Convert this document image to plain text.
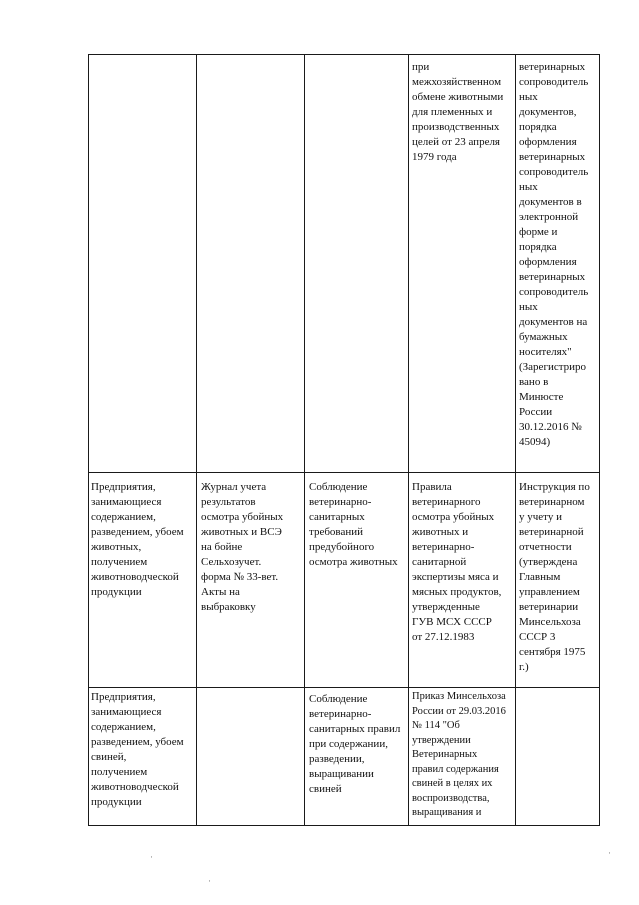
при
межхозяйственном
обмене животными
для племенных и
производственных
целей от 23 апреля
1979 года
ветеринарных
сопроводитель
ных
документов,
порядка
оформления
ветеринарных
сопроводитель
ных
документов в
электронной
форме и
порядка
оформления
ветеринарных
сопроводитель
ных
документов на
бумажных
носителях"
(Зарегистриро
вано в
Минюсте
России
30.12.2016 №
45094)
Предприятия,
занимающиеся
содержанием,
разведением, убоем
животных,
получением
животноводческой
продукции
Журнал учета
результатов
осмотра убойных
животных и ВСЭ
на бойне
Сельхозучет.
форма № 33-вет.
Акты на
выбраковку
Соблюдение
ветеринарно-
санитарных
требований
предубойного
осмотра животных
Правила
ветеринарного
осмотра убойных
животных и
ветеринарно-
санитарной
экспертизы мяса и
мясных продуктов,
утвержденные
ГУВ МСХ СССР
от 27.12.1983
Инструкция по
ветеринарном
у учету и
ветеринарной
отчетности
(утверждена
Главным
управлением
ветеринарии
Минсельхоза
СССР 3
сентября 1975
г.)
Предприятия,
занимающиеся
содержанием,
разведением, убоем
свиней,
получением
животноводческой
продукции
Соблюдение
ветеринарно-
санитарных правил
при содержании,
разведении,
выращивании
свиней
Приказ Минсельхоза
России от 29.03.2016
№ 114 "Об
утверждении
Ветеринарных
правил содержания
свиней в целях их
воспроизводства,
выращивания и
·
·
·
